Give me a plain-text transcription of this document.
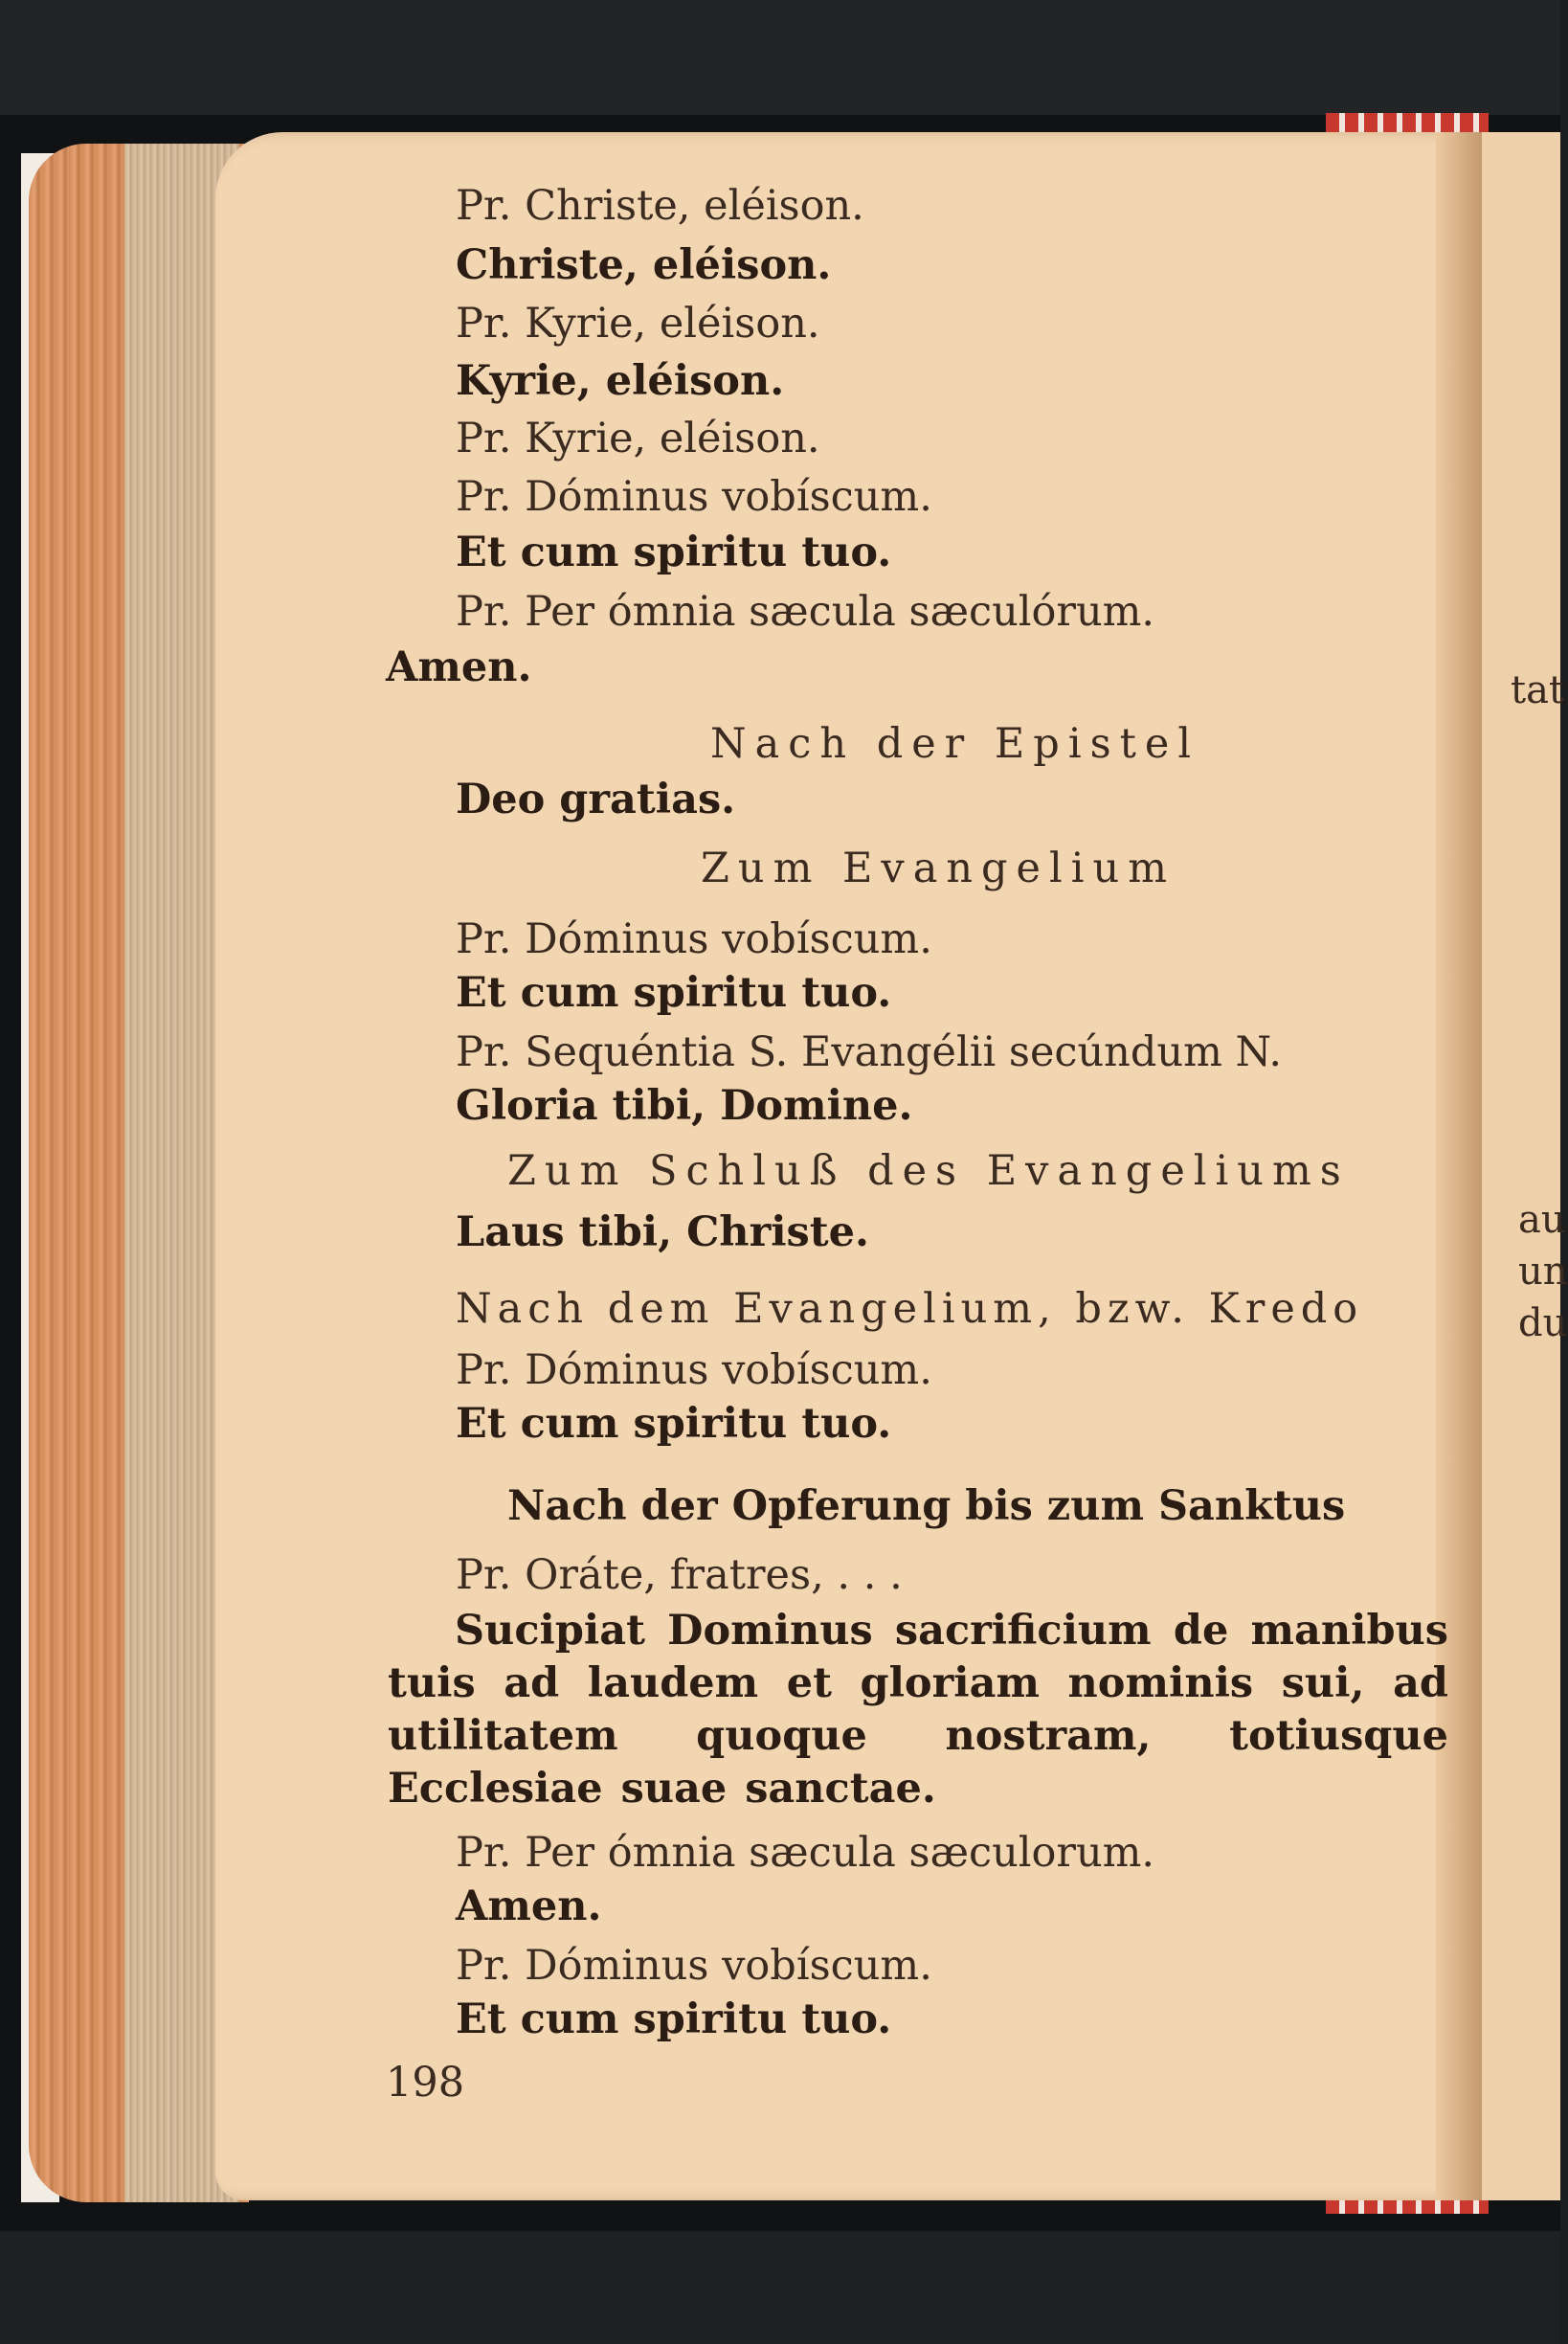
tat
au
un
du
Pr. Christe, eléison.
Christe, eléison.
Pr. Kyrie, eléison.
Kyrie, eléison.
Pr. Kyrie, eléison.
Pr. Dóminus vobíscum.
Et cum spiritu tuo.
Pr. Per ómnia sæcula sæculórum.
Amen.
Nach der Epistel
Deo gratias.
Zum Evangelium
Pr. Dóminus vobíscum.
Et cum spiritu tuo.
Pr. Sequéntia S. Evangélii secúndum N.
Gloria tibi, Domine.
Zum Schluß des Evangeliums
Laus tibi, Christe.
Nach dem Evangelium, bzw. Kredo
Pr. Dóminus vobíscum.
Et cum spiritu tuo.
Nach der Opferung bis zum Sanktus
Pr. Oráte, fratres, . . .
Sucipiat Dominus sacrificium de manibus tuis ad laudem et gloriam nominis sui, ad utilitatem quoque nostram, totiusque Ecclesiae suae sanctae.
Pr. Per ómnia sæcula sæculorum.
Amen.
Pr. Dóminus vobíscum.
Et cum spiritu tuo.
198
